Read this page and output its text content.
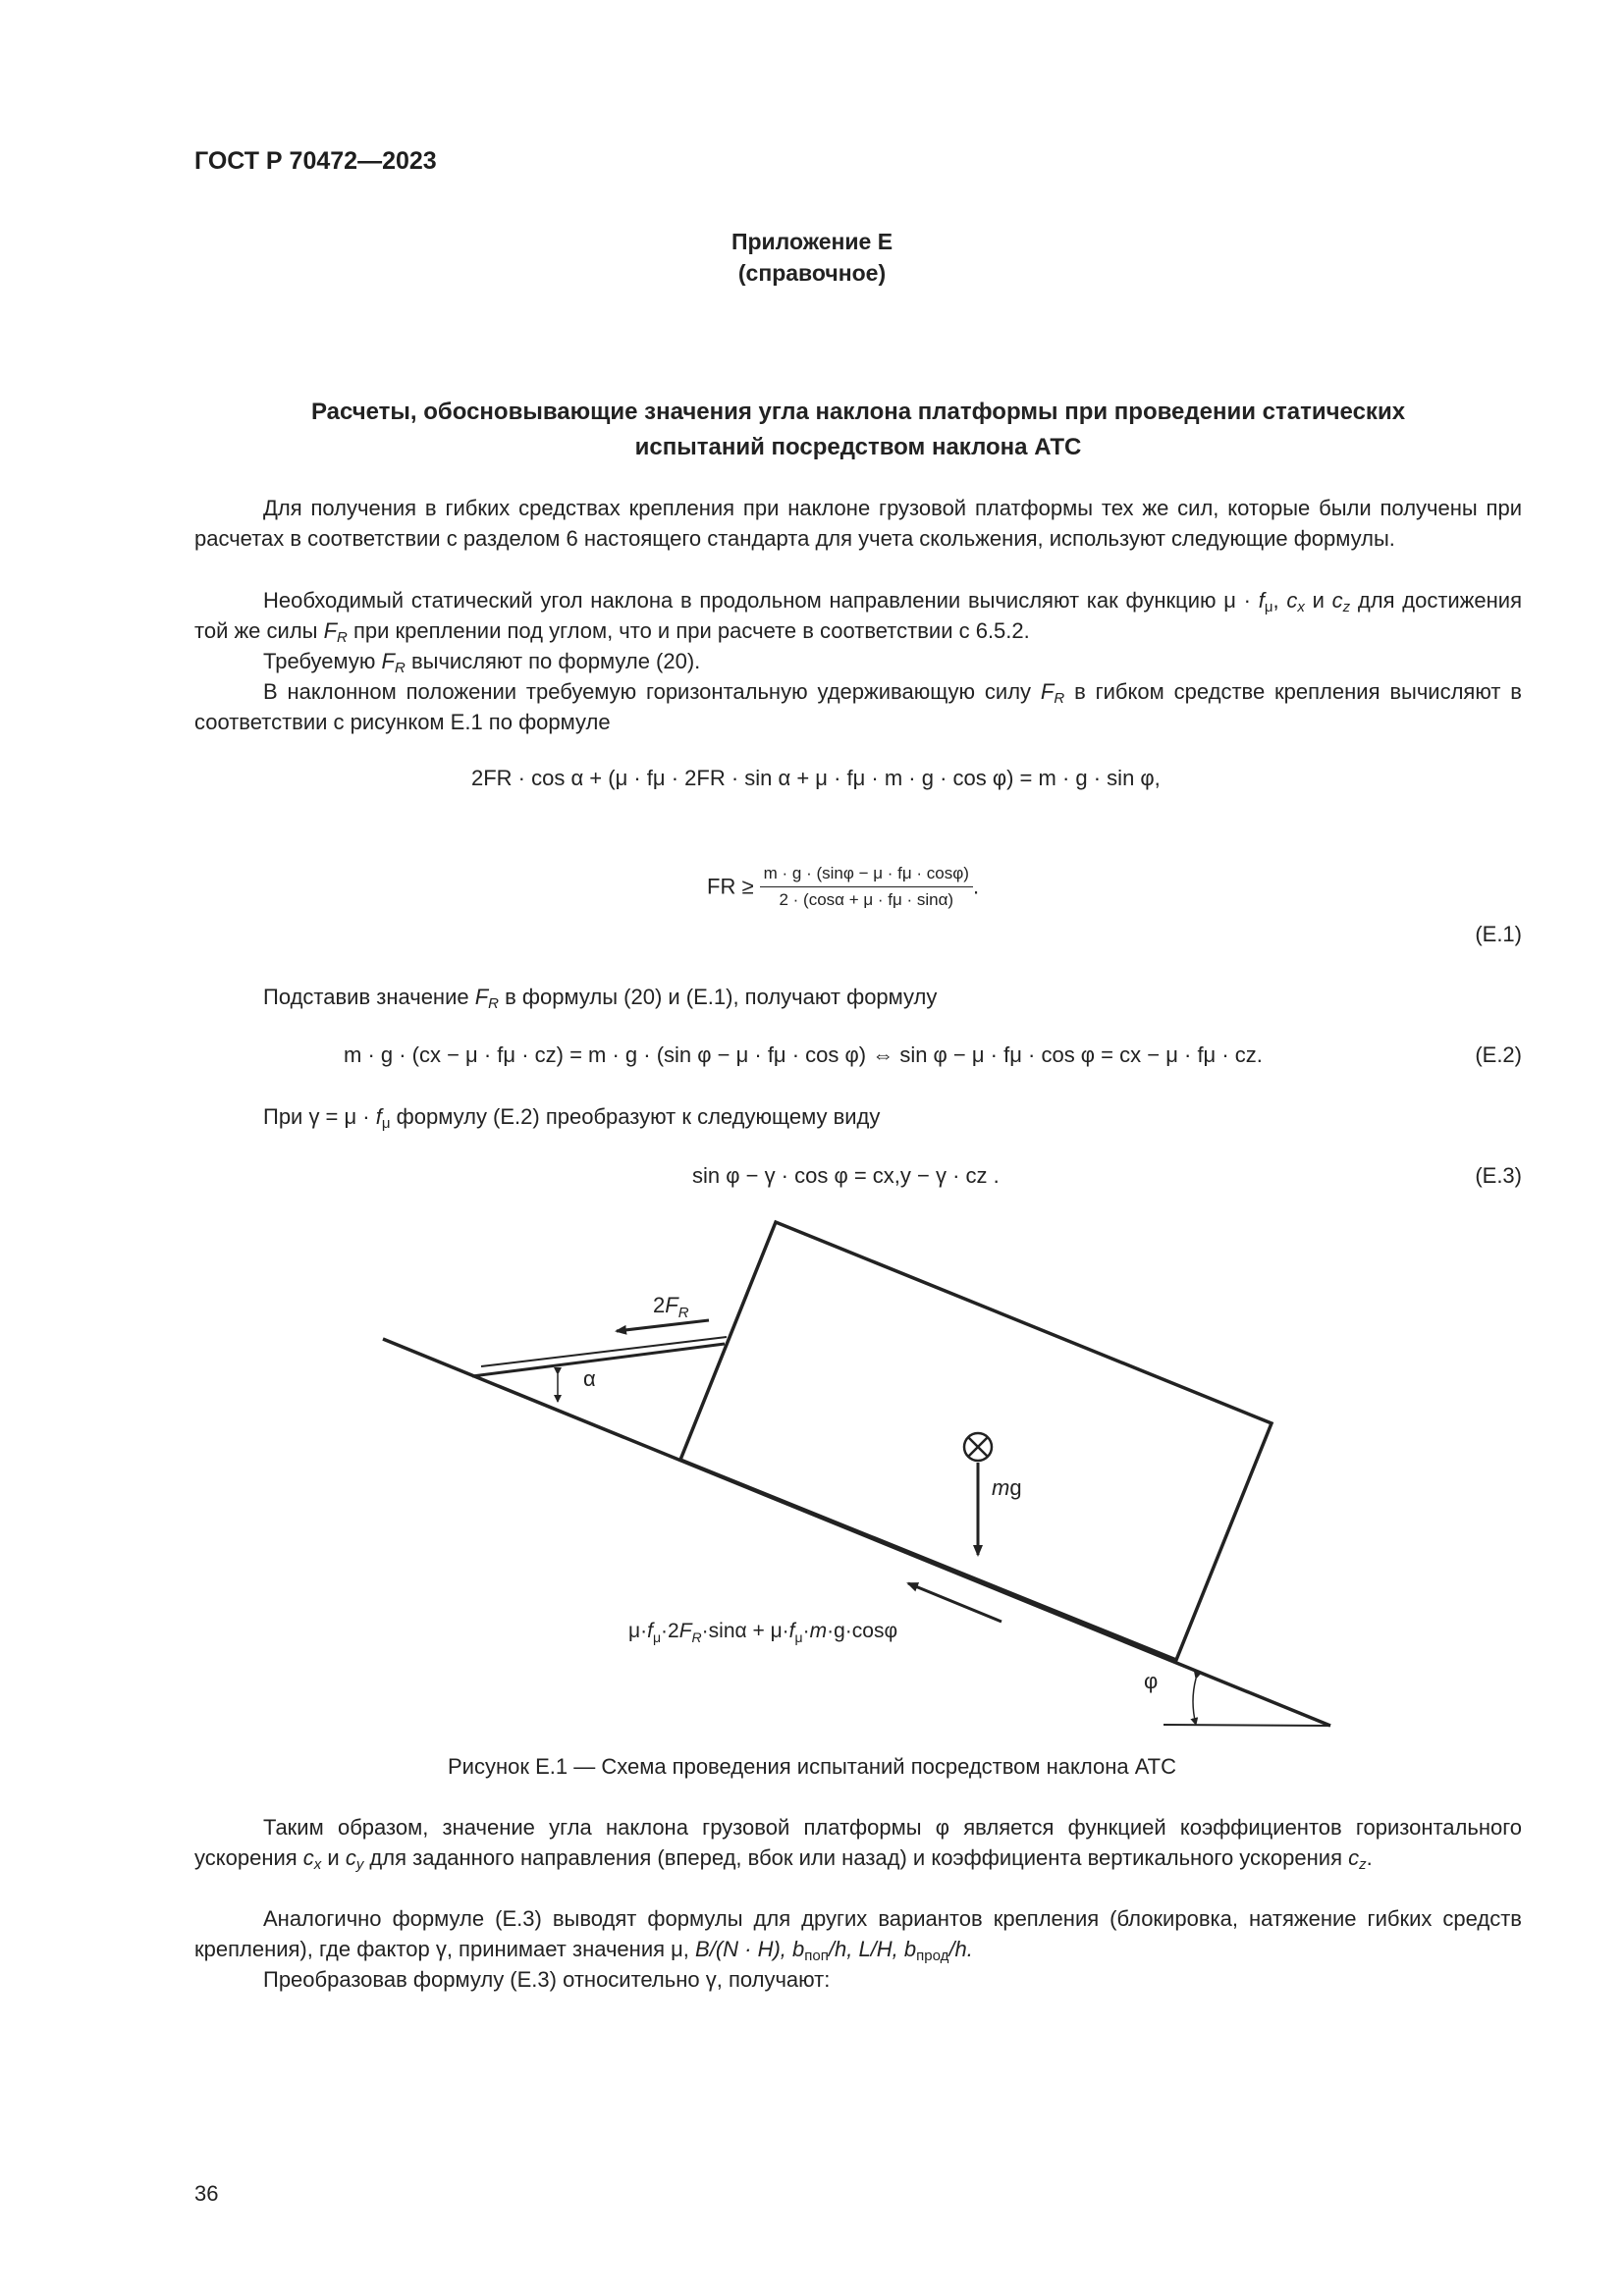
ГОСТ Р 70472—2023
Приложение Е
(справочное)
Расчеты, обосновывающие значения угла наклона платформы при проведении статических
испытаний посредством наклона АТС
Для получения в гибких средствах крепления при наклоне грузовой платформы тех же сил, которые были получены при расчетах в соответствии с разделом 6 настоящего стандарта для учета скольжения, используют следующие формулы.
Необходимый статический угол наклона в продольном направлении вычисляют как функцию $\mu \cdot f_\mu$, $c_x$ и $c_z$ для достижения той же силы $F_R$ при креплении под углом, что и при расчете в соответствии с 6.5.2.
Требуемую $F_R$ вычисляют по формуле (20).
В наклонном положении требуемую горизонтальную удерживающую силу $F_R$ в гибком средстве крепления вычисляют в соответствии с рисунком Е.1 по формуле
2FR · cos α + (μ · fμ · 2FR · sin α + μ · fμ · m · g · cos φ) = m · g · sin φ,
FR ≥ $\frac{m \cdot g \cdot (\sin\varphi - \mu \cdot f\mu \cdot \cos\varphi)}{2 \cdot (\cos\alpha + \mu \cdot f\mu \cdot \sin\alpha)}$ .
(Е.1)
Подставив значение $F_R$ в формулы (20) и (Е.1), получают формулу
m · g · (cx − μ · fμ · cz) = m · g · (sin φ − μ · fμ · cos φ) ⇔ sin φ − μ · fμ · cos φ = cx − μ · fμ · cz.	(Е.2)
При $\gamma = \mu \cdot f_\mu$ формулу (Е.2) преобразуют к следующему виду
sin φ − γ · cos φ = cx,y − γ · cz .	(Е.3)
$2F_R$
α
mg
$\mu\cdot f_\mu\cdot 2F_R\cdot\sin\alpha + \mu\cdot f_\mu\cdot m\cdot g\cdot\cos\varphi$
φ
Рисунок Е.1 — Схема проведения испытаний посредством наклона АТС
Таким образом, значение угла наклона грузовой платформы φ является функцией коэффициентов горизонтального ускорения $c_x$ и $c_y$ для заданного направления (вперед, вбок или назад) и коэффициента вертикального ускорения $c_z$.
Аналогично формуле (Е.3) выводят формулы для других вариантов крепления (блокировка, натяжение гибких средств крепления), где фактор γ, принимает значения μ, B/(N · H), $b_{поп}/h$, L/H, $b_{прод}/h$.
Преобразовав формулу (Е.3) относительно γ, получают:
36
